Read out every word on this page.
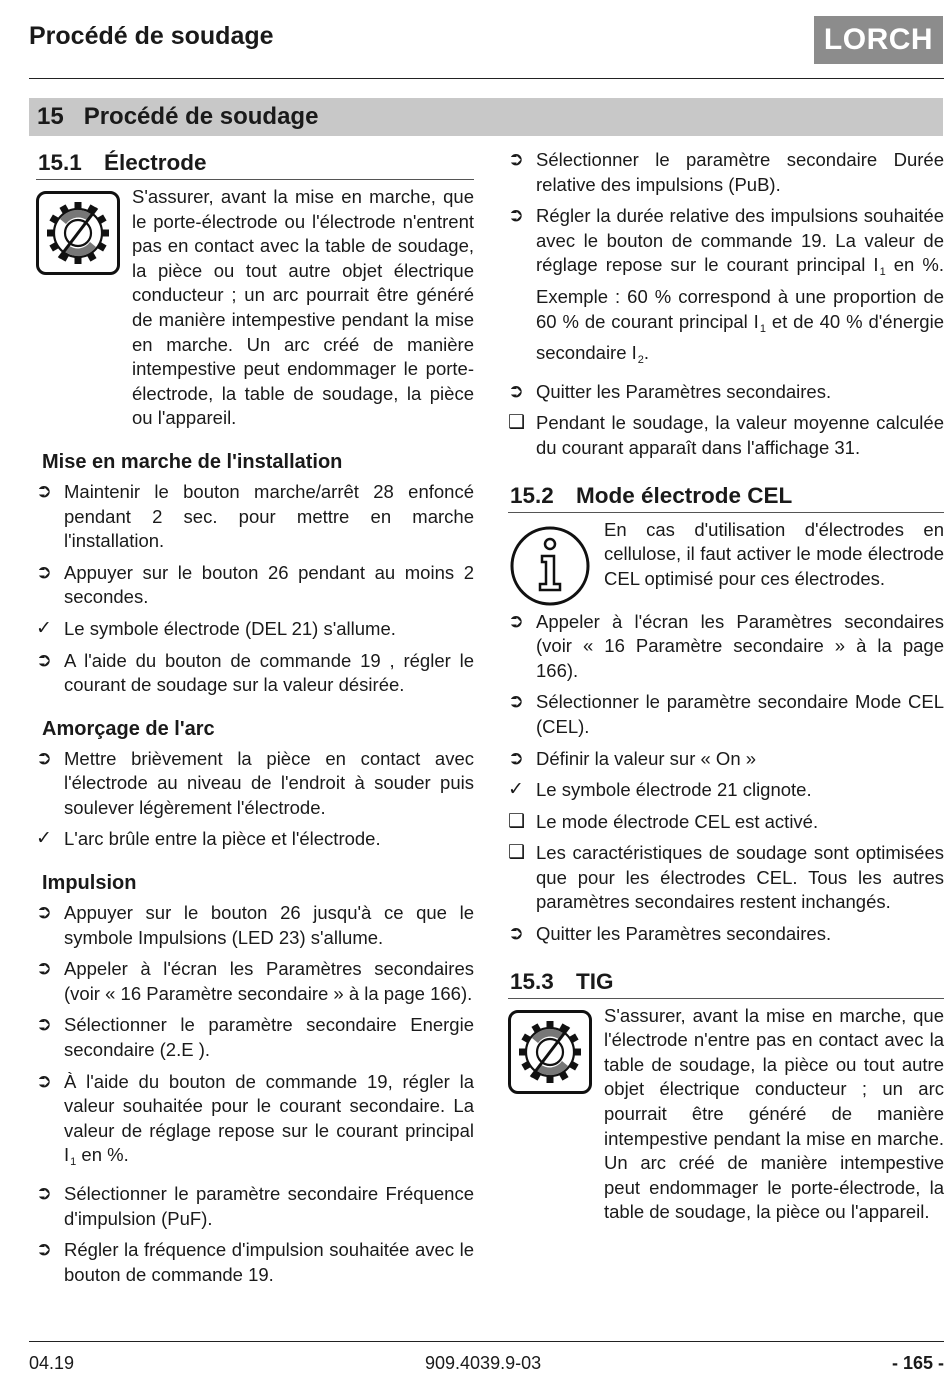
Procédé de soudage	LORCH
15   Procédé de soudage
15.1 Électrode
S'assurer, avant la mise en marche, que le porte-électrode ou l'électrode n'entrent pas en contact avec la table de soudage, la pièce ou tout autre objet électrique conducteur ; un arc pourrait être généré de manière intempestive pendant la mise en marche. Un arc créé de manière intempestive peut endommager le porte-électrode, la table de soudage, la pièce ou l'appareil.
Mise en marche de l'installation
➲ Maintenir le bouton marche/arrêt 28 enfoncé pendant 2 sec. pour mettre en marche l'installation.
➲ Appuyer sur le bouton 26 pendant au moins 2 secondes.
✓ Le symbole électrode (DEL 21) s'allume.
➲ A l'aide du bouton de commande 19 , régler le courant de soudage sur la valeur désirée.
Amorçage de l'arc
➲ Mettre brièvement la pièce en contact avec l'électrode au niveau de l'endroit à souder puis soulever légèrement l'électrode.
✓ L'arc brûle entre la pièce et l'électrode.
Impulsion
➲ Appuyer sur le bouton 26 jusqu'à ce que le symbole Impulsions (LED 23) s'allume.
➲ Appeler à l'écran les Paramètres secondaires (voir « 16 Paramètre secondaire » à la page 166).
➲ Sélectionner le paramètre secondaire Energie secondaire (2.E ).
➲ À l'aide du bouton de commande 19, régler la valeur souhaitée pour le courant secondaire. La valeur de réglage repose sur le courant principal $I_1$ en %.
➲ Sélectionner le paramètre secondaire Fréquence d'impulsion (PuF).
➲ Régler la fréquence d'impulsion souhaitée avec le bouton de commande 19.
➲ Sélectionner le paramètre secondaire Durée relative des impulsions (PuB).
➲ Régler la durée relative des impulsions souhaitée avec le bouton de commande 19. La valeur de réglage repose sur le courant principal $I_1$ en %. Exemple : 60 % correspond à une proportion de 60 % de courant principal $I_1$ et de 40 % d'énergie secondaire $I_2$.
➲ Quitter les Paramètres secondaires.
❑ Pendant le soudage, la valeur moyenne calculée du courant apparaît dans l'affichage 31.
15.2 Mode électrode CEL
En cas d'utilisation d'électrodes en cellulose, il faut activer le mode électrode CEL optimisé pour ces électrodes.
➲ Appeler à l'écran les Paramètres secondaires (voir « 16 Paramètre secondaire » à la page 166).
➲ Sélectionner le paramètre secondaire Mode CEL (CEL).
➲ Définir la valeur sur « On »
✓ Le symbole électrode 21 clignote.
❑ Le mode électrode CEL est activé.
❑ Les caractéristiques de soudage sont optimisées que pour les électrodes CEL. Tous les autres paramètres secondaires restent inchangés.
➲ Quitter les Paramètres secondaires.
15.3 TIG
S'assurer, avant la mise en marche, que l'électrode n'entre pas en contact avec la table de soudage, la pièce ou tout autre objet électrique conducteur ; un arc pourrait être généré de manière intempestive pendant la mise en marche. Un arc créé de manière intempestive peut endommager le porte-électrode, la table de soudage, la pièce ou l'appareil.
04.19	909.4039.9-03	- 165 -
